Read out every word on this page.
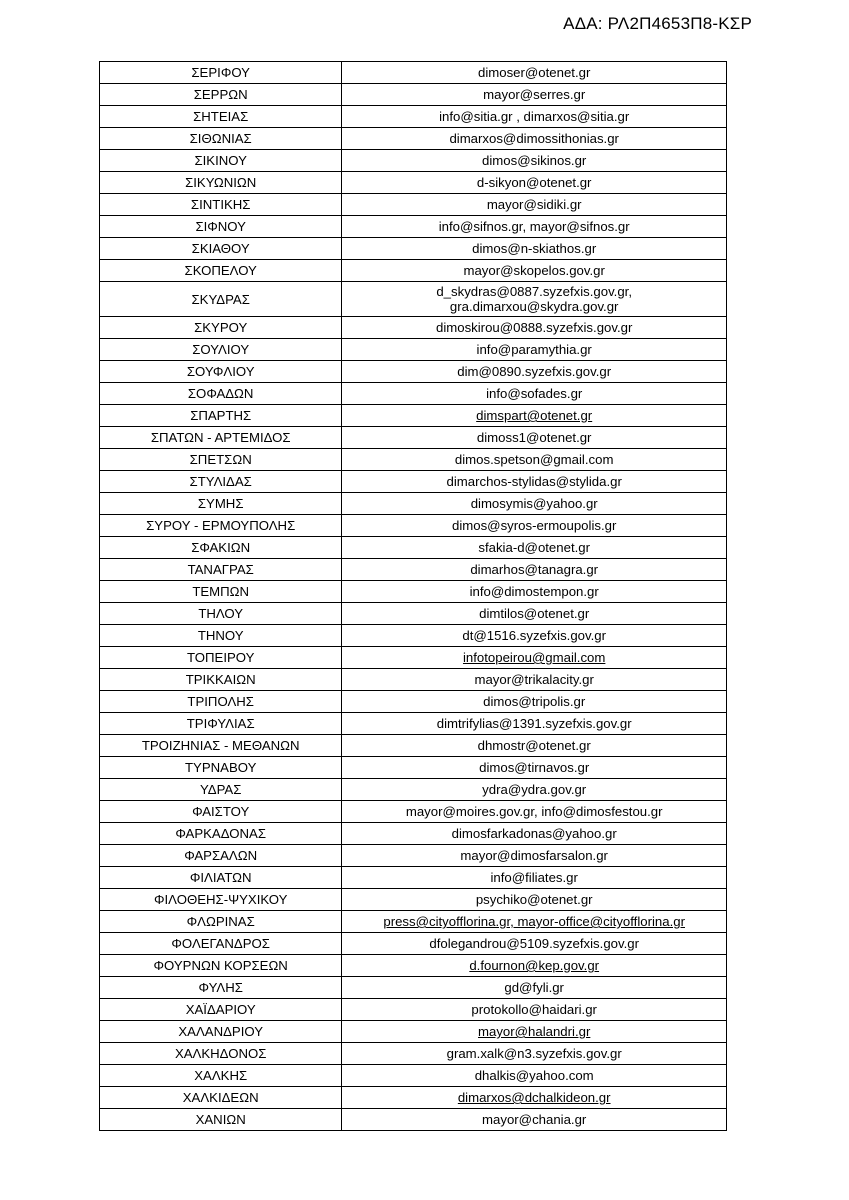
ΑΔΑ: ΡΛ2Π4653Π8-ΚΣΡ
ΣΕΡΙΦΟΥ	dimoser@otenet.gr

ΣΕΡΡΩΝ	mayor@serres.gr

ΣΗΤΕΙΑΣ	info@sitia.gr , dimarxos@sitia.gr

ΣΙΘΩΝΙΑΣ	dimarxos@dimossithonias.gr

ΣΙΚΙΝΟΥ	dimos@sikinos.gr

ΣΙΚΥΩΝΙΩΝ	d-sikyon@otenet.gr

ΣΙΝΤΙΚΗΣ	mayor@sidiki.gr

ΣΙΦΝΟΥ	info@sifnos.gr, mayor@sifnos.gr

ΣΚΙΑΘΟΥ	dimos@n-skiathos.gr

ΣΚΟΠΕΛΟΥ	mayor@skopelos.gov.gr

ΣΚΥΔΡΑΣ	d_skydras@0887.syzefxis.gov.gr,
gra.dimarxou@skydra.gov.gr

ΣΚΥΡΟΥ	dimoskirou@0888.syzefxis.gov.gr

ΣΟΥΛΙΟΥ	info@paramythia.gr

ΣΟΥΦΛΙΟΥ	dim@0890.syzefxis.gov.gr

ΣΟΦΑΔΩΝ	info@sofades.gr

ΣΠΑΡΤΗΣ	dimspart@otenet.gr

ΣΠΑΤΩΝ - ΑΡΤΕΜΙΔΟΣ	dimoss1@otenet.gr

ΣΠΕΤΣΩΝ	dimos.spetson@gmail.com

ΣΤΥΛΙΔΑΣ	dimarchos-stylidas@stylida.gr

ΣΥΜΗΣ	dimosymis@yahoo.gr

ΣΥΡΟΥ - ΕΡΜΟΥΠΟΛΗΣ	dimos@syros-ermoupolis.gr

ΣΦΑΚΙΩΝ	sfakia-d@otenet.gr

ΤΑΝΑΓΡΑΣ	dimarhos@tanagra.gr

ΤΕΜΠΩΝ	info@dimostempon.gr

ΤΗΛΟΥ	dimtilos@otenet.gr

ΤΗΝΟΥ	dt@1516.syzefxis.gov.gr

ΤΟΠΕΙΡΟΥ	infotopeirou@gmail.com

ΤΡΙΚΚΑΙΩΝ	mayor@trikalacity.gr

ΤΡΙΠΟΛΗΣ	dimos@tripolis.gr

ΤΡΙΦΥΛΙΑΣ	dimtrifylias@1391.syzefxis.gov.gr

ΤΡΟΙΖΗΝΙΑΣ - ΜΕΘΑΝΩΝ	dhmostr@otenet.gr

ΤΥΡΝΑΒΟΥ	dimos@tirnavos.gr

ΥΔΡΑΣ	ydra@ydra.gov.gr

ΦΑΙΣΤΟΥ	mayor@moires.gov.gr, info@dimosfestou.gr

ΦΑΡΚΑΔΟΝΑΣ	dimosfarkadonas@yahoo.gr

ΦΑΡΣΑΛΩΝ	mayor@dimosfarsalon.gr

ΦΙΛΙΑΤΩΝ	info@filiates.gr

ΦΙΛΟΘΕΗΣ-ΨΥΧΙΚΟΥ	psychiko@otenet.gr

ΦΛΩΡΙΝΑΣ	press@cityofflorina.gr, mayor-office@cityofflorina.gr

ΦΟΛΕΓΑΝΔΡΟΣ	dfolegandrou@5109.syzefxis.gov.gr

ΦΟΥΡΝΩΝ ΚΟΡΣΕΩΝ	d.fournon@kep.gov.gr

ΦΥΛΗΣ	gd@fyli.gr

ΧΑΪΔΑΡΙΟΥ	protokollo@haidari.gr

ΧΑΛΑΝΔΡΙΟΥ	mayor@halandri.gr

ΧΑΛΚΗΔΟΝΟΣ	gram.xalk@n3.syzefxis.gov.gr

ΧΑΛΚΗΣ	dhalkis@yahoo.com

ΧΑΛΚΙΔΕΩΝ	dimarxos@dchalkideon.gr

ΧΑΝΙΩΝ	mayor@chania.gr
